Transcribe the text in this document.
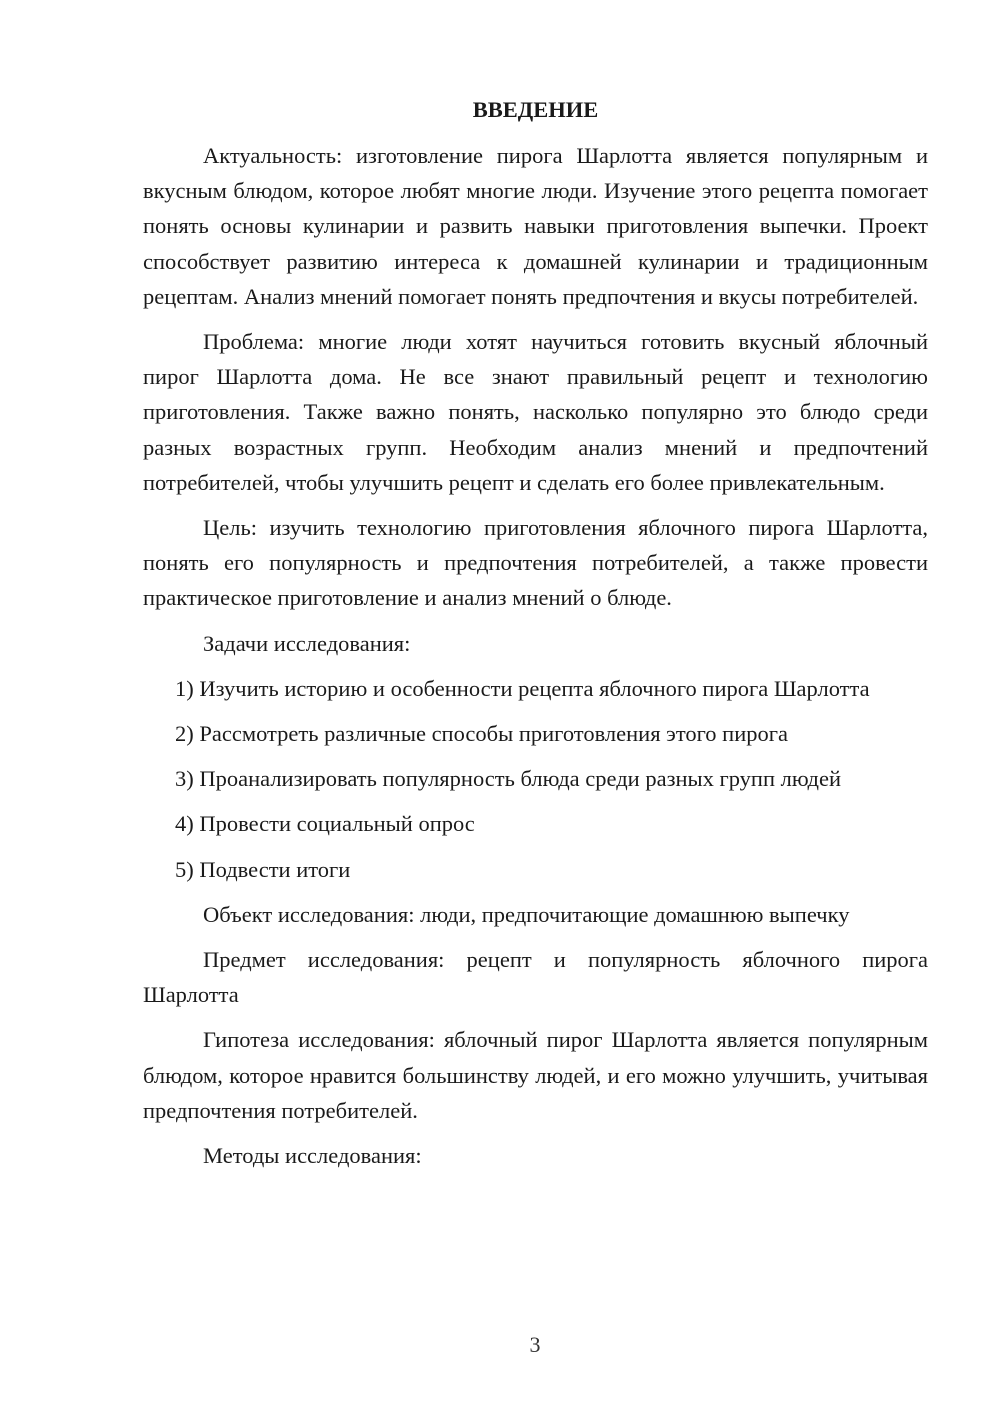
ВВЕДЕНИЕ

Актуальность: изготовление пирога Шарлотта является популярным и вкусным блюдом, которое любят многие люди. Изучение этого рецепта помогает понять основы кулинарии и развить навыки приготовления выпечки. Проект способствует развитию интереса к домашней кулинарии и традиционным рецептам. Анализ мнений помогает понять предпочтения и вкусы потребителей.

Проблема: многие люди хотят научиться готовить вкусный яблочный пирог Шарлотта дома. Не все знают правильный рецепт и технологию приготовления. Также важно понять, насколько популярно это блюдо среди разных возрастных групп. Необходим анализ мнений и предпочтений потребителей, чтобы улучшить рецепт и сделать его более привлекательным.

Цель: изучить технологию приготовления яблочного пирога Шарлотта, понять его популярность и предпочтения потребителей, а также провести практическое приготовление и анализ мнений о блюде.

Задачи исследования:

1) Изучить историю и особенности рецепта яблочного пирога Шарлотта

2) Рассмотреть различные способы приготовления этого пирога

3) Проанализировать популярность блюда среди разных групп людей

4) Провести социальный опрос

5) Подвести итоги

Объект исследования: люди, предпочитающие домашнюю выпечку

Предмет исследования: рецепт и популярность яблочного пирога Шарлотта

Гипотеза исследования: яблочный пирог Шарлотта является популярным блюдом, которое нравится большинству людей, и его можно улучшить, учитывая предпочтения потребителей.

Методы исследования:

3
